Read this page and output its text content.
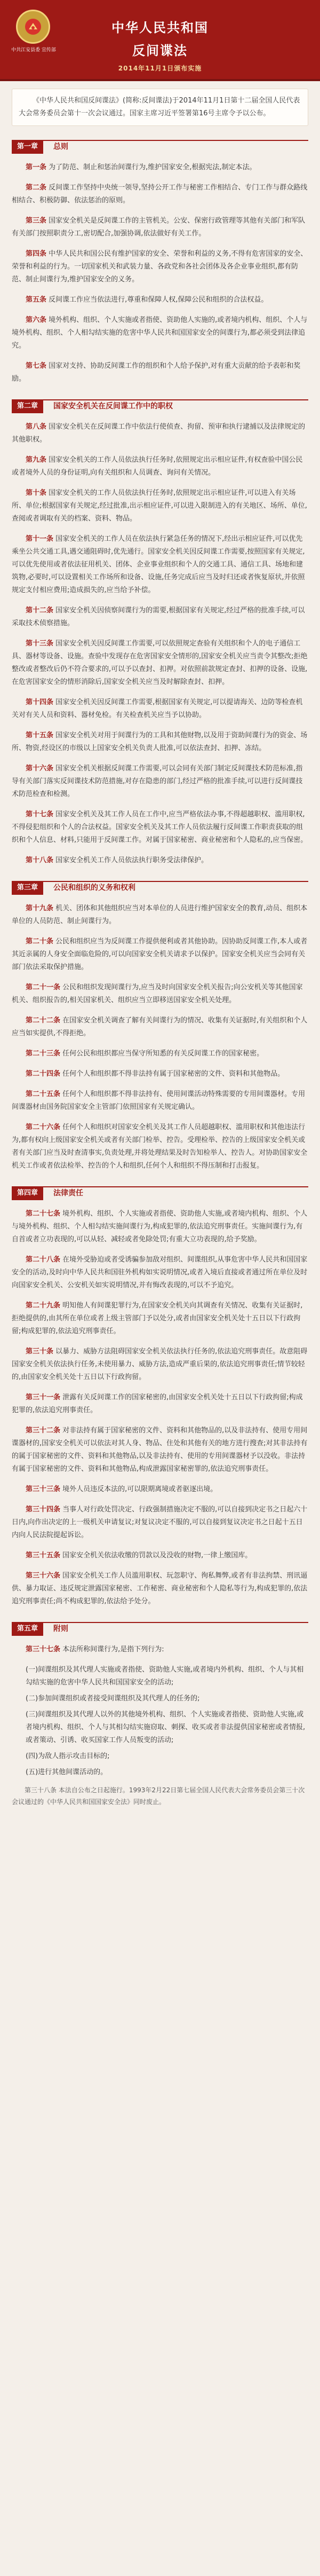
中共江安县委 宣传部
中华人民共和国
反间谍法
2014年11月1日颁布实施
《中华人民共和国反间谍法》(简称:反间谍法)于2014年11月1日第十二届全国人民代表大会常务委员会第十一次会议通过。国家主席习近平签署第16号主席令予以公布。
第一章	总则

第一条 为了防范、制止和惩治间谍行为,维护国家安全,根据宪法,制定本法。

第二条 反间谍工作坚持中央统一领导,坚持公开工作与秘密工作相结合、专门工作与群众路线相结合、积极防御、依法惩治的原则。

第三条 国家安全机关是反间谍工作的主管机关。公安、保密行政管理等其他有关部门和军队有关部门按照职责分工,密切配合,加强协调,依法做好有关工作。

第四条 中华人民共和国公民有维护国家的安全、荣誉和利益的义务,不得有危害国家的安全、荣誉和利益的行为。一切国家机关和武装力量、各政党和各社会团体及各企业事业组织,都有防范、制止间谍行为,维护国家安全的义务。

第五条 反间谍工作应当依法进行,尊重和保障人权,保障公民和组织的合法权益。

第六条 境外机构、组织、个人实施或者指使、资助他人实施的,或者境内机构、组织、个人与境外机构、组织、个人相勾结实施的危害中华人民共和国国家安全的间谍行为,都必须受到法律追究。

第七条 国家对支持、协助反间谍工作的组织和个人给予保护,对有重大贡献的给予表彰和奖励。

第二章	国家安全机关在反间谍工作中的职权

第八条 国家安全机关在反间谍工作中依法行使侦查、拘留、预审和执行逮捕以及法律规定的其他职权。

第九条 国家安全机关的工作人员依法执行任务时,依照规定出示相应证件,有权查验中国公民或者境外人员的身份证明,向有关组织和人员调查、询问有关情况。

第十条 国家安全机关的工作人员依法执行任务时,依照规定出示相应证件,可以进入有关场所、单位;根据国家有关规定,经过批准,出示相应证件,可以进入限制进入的有关地区、场所、单位,查阅或者调取有关的档案、资料、物品。

第十一条 国家安全机关的工作人员在依法执行紧急任务的情况下,经出示相应证件,可以优先乘坐公共交通工具,遇交通阻碍时,优先通行。国家安全机关因反间谍工作需要,按照国家有关规定,可以优先使用或者依法征用机关、团体、企业事业组织和个人的交通工具、通信工具、场地和建筑物,必要时,可以设置相关工作场所和设备、设施,任务完成后应当及时归还或者恢复原状,并依照规定支付相应费用;造成损失的,应当给予补偿。

第十二条 国家安全机关因侦察间谍行为的需要,根据国家有关规定,经过严格的批准手续,可以采取技术侦察措施。

第十三条 国家安全机关因反间谍工作需要,可以依照规定查验有关组织和个人的电子通信工具、器材等设备、设施。查验中发现存在危害国家安全情形的,国家安全机关应当责令其整改;拒绝整改或者整改后仍不符合要求的,可以予以查封、扣押。对依照前款规定查封、扣押的设备、设施,在危害国家安全的情形消除后,国家安全机关应当及时解除查封、扣押。

第十四条 国家安全机关因反间谍工作需要,根据国家有关规定,可以提请海关、边防等检查机关对有关人员和资料、器材免检。有关检查机关应当予以协助。

第十五条 国家安全机关对用于间谍行为的工具和其他财物,以及用于资助间谍行为的资金、场所、物资,经设区的市级以上国家安全机关负责人批准,可以依法查封、扣押、冻结。

第十六条 国家安全机关根据反间谍工作需要,可以会同有关部门制定反间谍技术防范标准,指导有关部门落实反间谍技术防范措施,对存在隐患的部门,经过严格的批准手续,可以进行反间谍技术防范检查和检测。

第十七条 国家安全机关及其工作人员在工作中,应当严格依法办事,不得超越职权、滥用职权,不得侵犯组织和个人的合法权益。国家安全机关及其工作人员依法履行反间谍工作职责获取的组织和个人信息、材料,只能用于反间谍工作。对属于国家秘密、商业秘密和个人隐私的,应当保密。

第十八条 国家安全机关工作人员依法执行职务受法律保护。

第三章	公民和组织的义务和权利

第十九条 机关、团体和其他组织应当对本单位的人员进行维护国家安全的教育,动员、组织本单位的人员防范、制止间谍行为。

第二十条 公民和组织应当为反间谍工作提供便利或者其他协助。因协助反间谍工作,本人或者其近亲属的人身安全面临危险的,可以向国家安全机关请求予以保护。国家安全机关应当会同有关部门依法采取保护措施。

第二十一条 公民和组织发现间谍行为,应当及时向国家安全机关报告;向公安机关等其他国家机关、组织报告的,相关国家机关、组织应当立即移送国家安全机关处理。

第二十二条 在国家安全机关调查了解有关间谍行为的情况、收集有关证据时,有关组织和个人应当如实提供,不得拒绝。

第二十三条 任何公民和组织都应当保守所知悉的有关反间谍工作的国家秘密。

第二十四条 任何个人和组织都不得非法持有属于国家秘密的文件、资料和其他物品。

第二十五条 任何个人和组织都不得非法持有、使用间谍活动特殊需要的专用间谍器材。专用间谍器材由国务院国家安全主管部门依照国家有关规定确认。

第二十六条 任何个人和组织对国家安全机关及其工作人员超越职权、滥用职权和其他违法行为,都有权向上级国家安全机关或者有关部门检举、控告。受理检举、控告的上级国家安全机关或者有关部门应当及时查清事实,负责处理,并将处理结果及时告知检举人、控告人。对协助国家安全机关工作或者依法检举、控告的个人和组织,任何个人和组织不得压制和打击报复。

第四章	法律责任

第二十七条 境外机构、组织、个人实施或者指使、资助他人实施,或者境内机构、组织、个人与境外机构、组织、个人相勾结实施间谍行为,构成犯罪的,依法追究刑事责任。实施间谍行为,有自首或者立功表现的,可以从轻、减轻或者免除处罚;有重大立功表现的,给予奖励。

第二十八条 在境外受胁迫或者受诱骗参加敌对组织、间谍组织,从事危害中华人民共和国国家安全的活动,及时向中华人民共和国驻外机构如实说明情况,或者入境后直接或者通过所在单位及时向国家安全机关、公安机关如实说明情况,并有悔改表现的,可以不予追究。

第二十九条 明知他人有间谍犯罪行为,在国家安全机关向其调查有关情况、收集有关证据时,拒绝提供的,由其所在单位或者上级主管部门予以处分,或者由国家安全机关处十五日以下行政拘留;构成犯罪的,依法追究刑事责任。

第三十条 以暴力、威胁方法阻碍国家安全机关依法执行任务的,依法追究刑事责任。故意阻碍国家安全机关依法执行任务,未使用暴力、威胁方法,造成严重后果的,依法追究刑事责任;情节较轻的,由国家安全机关处十五日以下行政拘留。

第三十一条 泄露有关反间谍工作的国家秘密的,由国家安全机关处十五日以下行政拘留;构成犯罪的,依法追究刑事责任。

第三十二条 对非法持有属于国家秘密的文件、资料和其他物品的,以及非法持有、使用专用间谍器材的,国家安全机关可以依法对其人身、物品、住处和其他有关的地方进行搜查;对其非法持有的属于国家秘密的文件、资料和其他物品,以及非法持有、使用的专用间谍器材予以没收。非法持有属于国家秘密的文件、资料和其他物品,构成泄露国家秘密罪的,依法追究刑事责任。

第三十三条 境外人员违反本法的,可以限期离境或者驱逐出境。

第三十四条 当事人对行政处罚决定、行政强制措施决定不服的,可以自接到决定书之日起六十日内,向作出决定的上一级机关申请复议;对复议决定不服的,可以自接到复议决定书之日起十五日内向人民法院提起诉讼。

第三十五条 国家安全机关依法收缴的罚款以及没收的财物,一律上缴国库。

第三十六条 国家安全机关工作人员滥用职权、玩忽职守、徇私舞弊,或者有非法拘禁、刑讯逼供、暴力取证、违反规定泄露国家秘密、工作秘密、商业秘密和个人隐私等行为,构成犯罪的,依法追究刑事责任;尚不构成犯罪的,依法给予处分。

第五章	附则

第三十七条 本法所称间谍行为,是指下列行为:

(一)间谍组织及其代理人实施或者指使、资助他人实施,或者境内外机构、组织、个人与其相勾结实施的危害中华人民共和国国家安全的活动;

(二)参加间谍组织或者接受间谍组织及其代理人的任务的;

(三)间谍组织及其代理人以外的其他境外机构、组织、个人实施或者指使、资助他人实施,或者境内机构、组织、个人与其相勾结实施窃取、刺探、收买或者非法提供国家秘密或者情报,或者策动、引诱、收买国家工作人员叛变的活动;

(四)为敌人指示攻击目标的;

(五)进行其他间谍活动的。

第三十八条 本法自公布之日起施行。1993年2月22日第七届全国人民代表大会常务委员会第三十次会议通过的《中华人民共和国国家安全法》同时废止。
